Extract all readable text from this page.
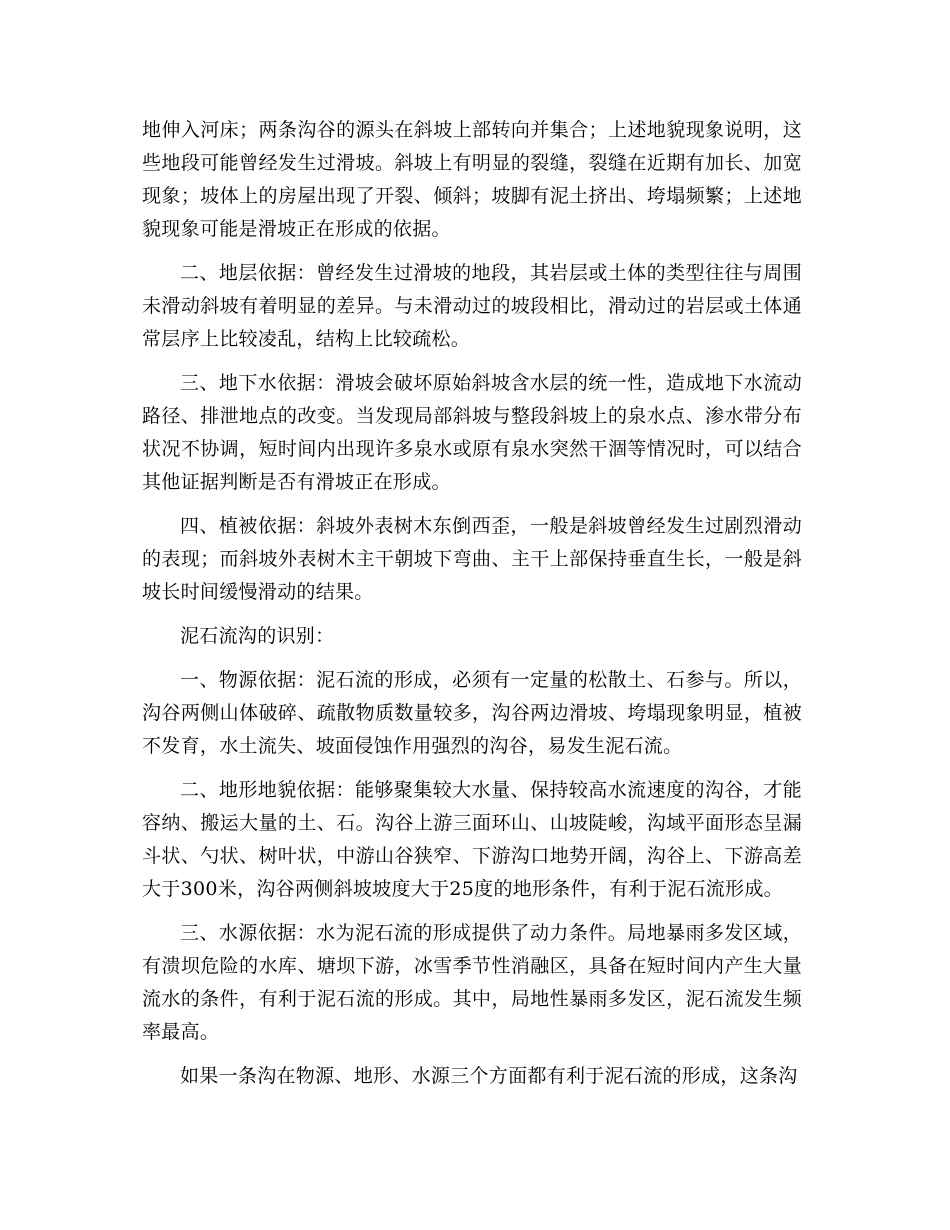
地伸入河床；两条沟谷的源头在斜坡上部转向并集合；上述地貌现象说明，这些地段可能曾经发生过滑坡。斜坡上有明显的裂缝，裂缝在近期有加长、加宽现象；坡体上的房屋出现了开裂、倾斜；坡脚有泥土挤出、垮塌频繁；上述地貌现象可能是滑坡正在形成的依据。

二、地层依据：曾经发生过滑坡的地段，其岩层或土体的类型往往与周围未滑动斜坡有着明显的差异。与未滑动过的坡段相比，滑动过的岩层或土体通常层序上比较凌乱，结构上比较疏松。

三、地下水依据：滑坡会破坏原始斜坡含水层的统一性，造成地下水流动路径、排泄地点的改变。当发现局部斜坡与整段斜坡上的泉水点、渗水带分布状况不协调，短时间内出现许多泉水或原有泉水突然干涸等情况时，可以结合其他证据判断是否有滑坡正在形成。

四、植被依据：斜坡外表树木东倒西歪，一般是斜坡曾经发生过剧烈滑动的表现；而斜坡外表树木主干朝坡下弯曲、主干上部保持垂直生长，一般是斜坡长时间缓慢滑动的结果。

泥石流沟的识别：

一、物源依据：泥石流的形成，必须有一定量的松散土、石参与。所以，沟谷两侧山体破碎、疏散物质数量较多，沟谷两边滑坡、垮塌现象明显，植被不发育，水土流失、坡面侵蚀作用强烈的沟谷，易发生泥石流。

二、地形地貌依据：能够聚集较大水量、保持较高水流速度的沟谷，才能容纳、搬运大量的土、石。沟谷上游三面环山、山坡陡峻，沟域平面形态呈漏斗状、勺状、树叶状，中游山谷狭窄、下游沟口地势开阔，沟谷上、下游高差大于300米，沟谷两侧斜坡坡度大于25度的地形条件，有利于泥石流形成。

三、水源依据：水为泥石流的形成提供了动力条件。局地暴雨多发区域，有溃坝危险的水库、塘坝下游，冰雪季节性消融区，具备在短时间内产生大量流水的条件，有利于泥石流的形成。其中，局地性暴雨多发区，泥石流发生频率最高。

如果一条沟在物源、地形、水源三个方面都有利于泥石流的形成，这条沟
